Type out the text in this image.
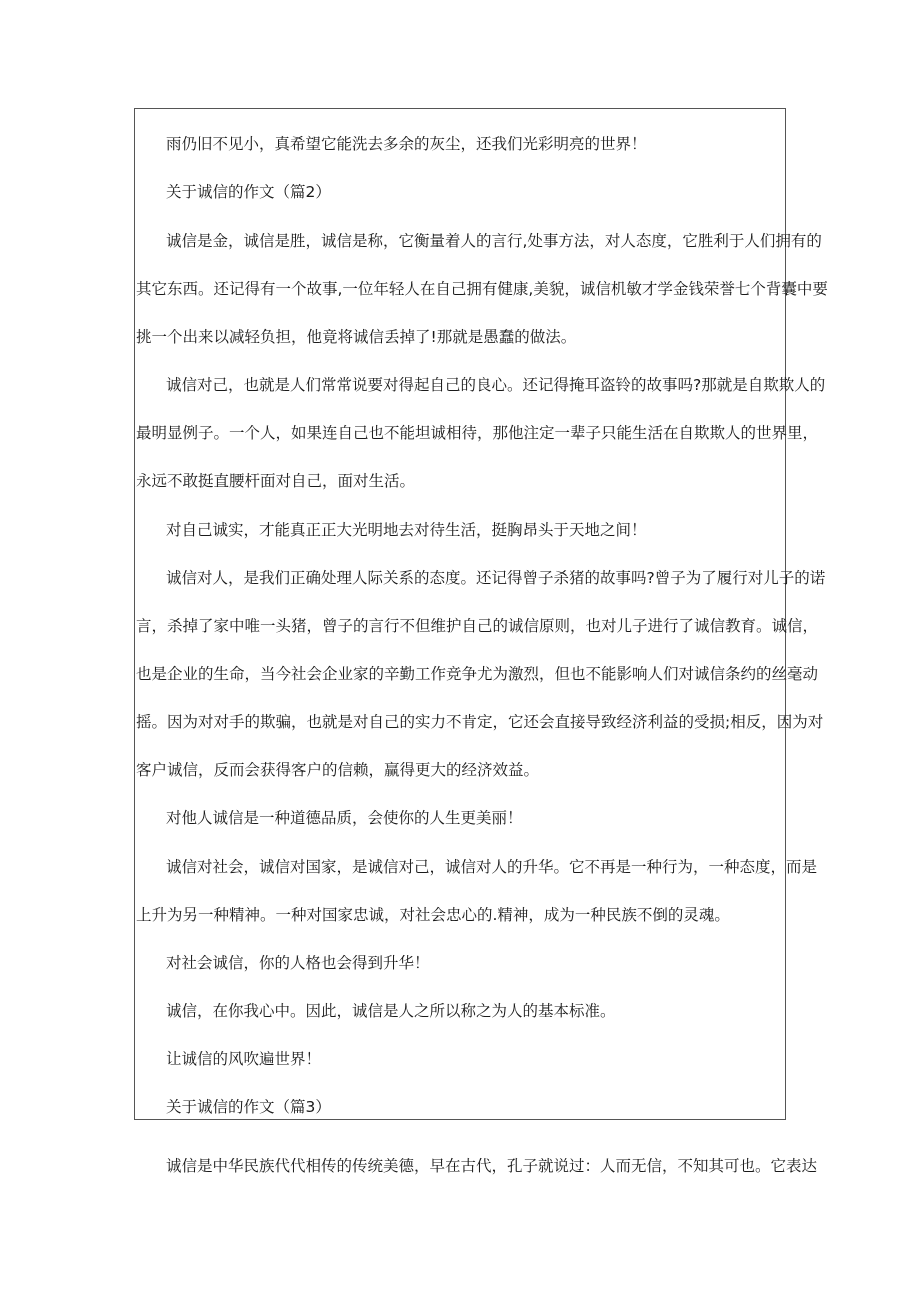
雨仍旧不见小，真希望它能洗去多余的灰尘，还我们光彩明亮的世界！
关于诚信的作文（篇2）
诚信是金，诚信是胜，诚信是称，它衡量着人的言行,处事方法，对人态度，它胜利于人们拥有的
其它东西。还记得有一个故事,一位年轻人在自己拥有健康,美貌，诚信机敏才学金钱荣誉七个背囊中要
挑一个出来以减轻负担，他竟将诚信丢掉了!那就是愚蠢的做法。
诚信对己，也就是人们常常说要对得起自己的良心。还记得掩耳盗铃的故事吗?那就是自欺欺人的
最明显例子。一个人，如果连自己也不能坦诚相待，那他注定一辈子只能生活在自欺欺人的世界里，
永远不敢挺直腰杆面对自己，面对生活。
对自己诚实，才能真正正大光明地去对待生活，挺胸昂头于天地之间！
诚信对人，是我们正确处理人际关系的态度。还记得曾子杀猪的故事吗?曾子为了履行对儿子的诺
言，杀掉了家中唯一头猪，曾子的言行不但维护自己的诚信原则，也对儿子进行了诚信教育。诚信，
也是企业的生命，当今社会企业家的辛勤工作竞争尤为激烈，但也不能影响人们对诚信条约的丝毫动
摇。因为对对手的欺骗，也就是对自己的实力不肯定，它还会直接导致经济利益的受损;相反，因为对
客户诚信，反而会获得客户的信赖，赢得更大的经济效益。
对他人诚信是一种道德品质，会使你的人生更美丽！
诚信对社会，诚信对国家，是诚信对己，诚信对人的升华。它不再是一种行为，一种态度，而是
上升为另一种精神。一种对国家忠诚，对社会忠心的.精神，成为一种民族不倒的灵魂。
对社会诚信，你的人格也会得到升华！
诚信，在你我心中。因此，诚信是人之所以称之为人的基本标准。
让诚信的风吹遍世界！
关于诚信的作文（篇3）
诚信是中华民族代代相传的传统美德，早在古代，孔子就说过：人而无信，不知其可也。它表达
